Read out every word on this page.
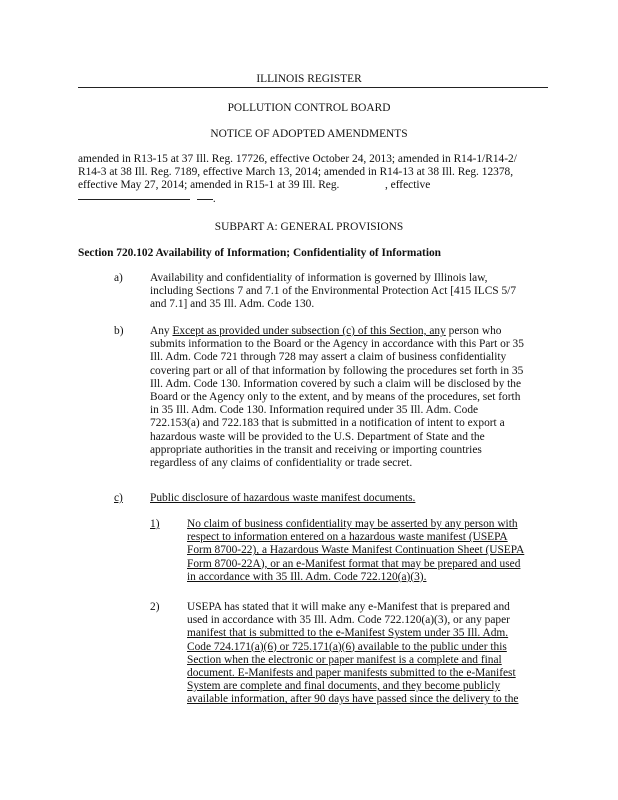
ILLINOIS REGISTER
POLLUTION CONTROL BOARD
NOTICE OF ADOPTED AMENDMENTS

amended in R13-15 at 37 Ill. Reg. 17726, effective October 24, 2013; amended in R14-1/R14-2/

R14-3 at 38 Ill. Reg. 7189, effective March 13, 2014; amended in R14-13 at 38 Ill. Reg. 12378,

effective May 27, 2014; amended in R15-1 at 39 Ill. Reg.                , effective

.

SUBPART A: GENERAL PROVISIONS
Section 720.102 Availability of Information; Confidentiality of Information
a) Availability and confidentiality of information is governed by Illinois law,

including Sections 7 and 7.1 of the Environmental Protection Act [415 ILCS 5/7

and 7.1] and 35 Ill. Adm. Code 130.

b) Any Except as provided under subsection (c) of this Section, any person who

submits information to the Board or the Agency in accordance with this Part or 35

Ill. Adm. Code 721 through 728 may assert a claim of business confidentiality

covering part or all of that information by following the procedures set forth in 35

Ill. Adm. Code 130. Information covered by such a claim will be disclosed by the

Board or the Agency only to the extent, and by means of the procedures, set forth

in 35 Ill. Adm. Code 130. Information required under 35 Ill. Adm. Code

722.153(a) and 722.183 that is submitted in a notification of intent to export a

hazardous waste will be provided to the U.S. Department of State and the

appropriate authorities in the transit and receiving or importing countries

regardless of any claims of confidentiality or trade secret.

c) Public disclosure of hazardous waste manifest documents.
1) No claim of business confidentiality may be asserted by any person with

respect to information entered on a hazardous waste manifest (USEPA

Form 8700-22), a Hazardous Waste Manifest Continuation Sheet (USEPA

Form 8700-22A), or an e-Manifest format that may be prepared and used

in accordance with 35 Ill. Adm. Code 722.120(a)(3).

2) USEPA has stated that it will make any e-Manifest that is prepared and

used in accordance with 35 Ill. Adm. Code 722.120(a)(3), or any paper

manifest that is submitted to the e-Manifest System under 35 Ill. Adm.

Code 724.171(a)(6) or 725.171(a)(6) available to the public under this

Section when the electronic or paper manifest is a complete and final

document. E-Manifests and paper manifests submitted to the e-Manifest

System are complete and final documents, and they become publicly

available information, after 90 days have passed since the delivery to the
